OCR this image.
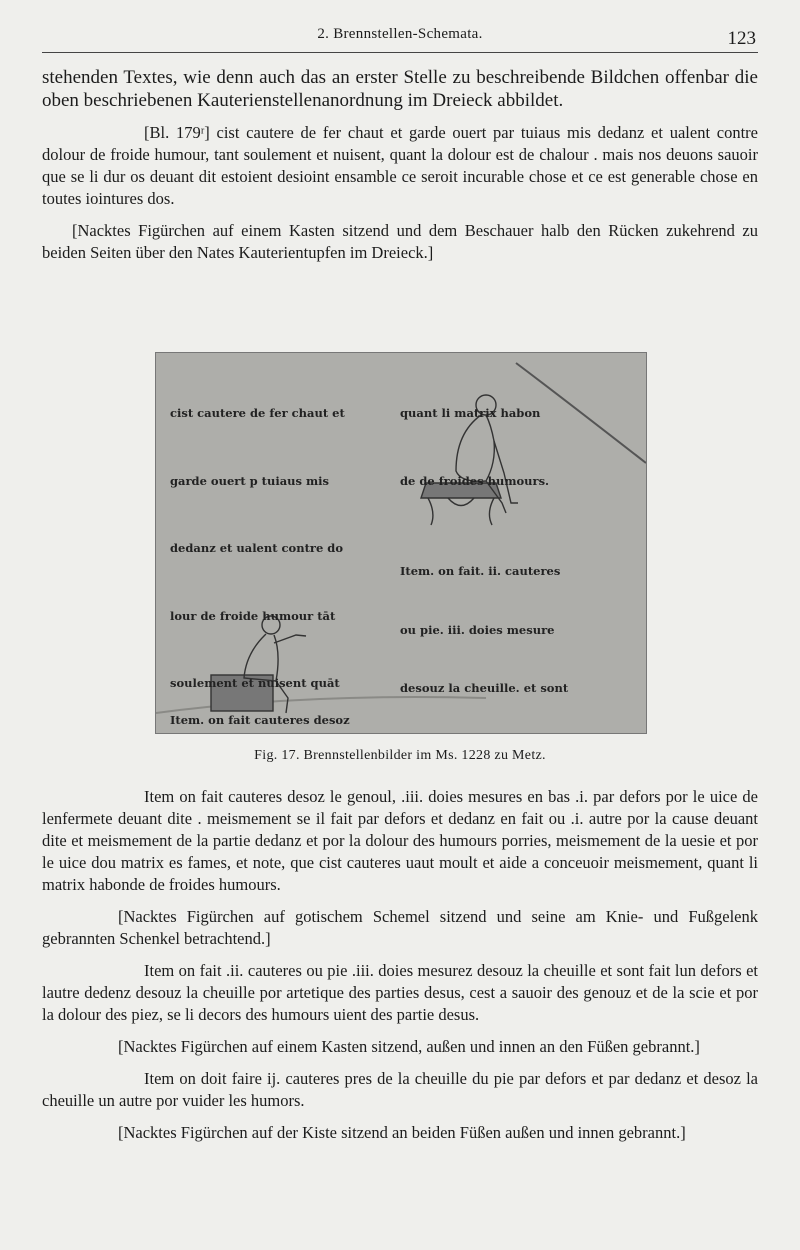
2. Brennstellen-Schemata.	123

stehenden Textes, wie denn auch das an erster Stelle zu beschreibende Bildchen offenbar die oben beschriebenen Kauterienstellenanordnung im Dreieck abbildet.

[Bl. 179ʳ] cist cautere de fer chaut et garde ouert par tuiaus mis dedanz et ualent contre dolour de froide humour, tant soulement et nuisent, quant la dolour est de chalour . mais nos deuons sauoir que se li dur os deuant dit estoient desioint ensamble ce seroit incurable chose et ce est generable chose en toutes iointures dos.

[Nacktes Figürchen auf einem Kasten sitzend und dem Beschauer halb den Rücken zukehrend zu beiden Seiten über den Nates Kauterientupfen im Dreieck.]

cist cautere de fer chaut et

garde ouert p tuiaus mis

dedanz et ualent contre do

lour de froide humour tāt

soulement et nuisent quāt

Item. on fait cauteres desoz

quant li matrix habon

de de froides humours.

Item. on fait. ii. cauteres

ou pie. iii. doies mesure

desouz la cheuille. et sont

Fig. 17. Brennstellenbilder im Ms. 1228 zu Metz.

Item on fait cauteres desoz le genoul, .iii. doies mesures en bas .i. par defors por le uice de lenfermete deuant dite . meismement se il fait par defors et dedanz en fait ou .i. autre por la cause deuant dite et meismement de la partie dedanz et por la dolour des humours porries, meismement de la uesie et por le uice dou matrix es fames, et note, que cist cauteres uaut moult et aide a conceuoir meismement, quant li matrix habonde de froides humours.

[Nacktes Figürchen auf gotischem Schemel sitzend und seine am Knie- und Fußgelenk gebrannten Schenkel betrachtend.]

Item on fait .ii. cauteres ou pie .iii. doies mesurez desouz la cheuille et sont fait lun defors et lautre dedenz desouz la cheuille por artetique des parties desus, cest a sauoir des genouz et de la scie et por la dolour des piez, se li decors des humours uient des partie desus.

[Nacktes Figürchen auf einem Kasten sitzend, außen und innen an den Füßen gebrannt.]

Item on doit faire ij. cauteres pres de la cheuille du pie par defors et par dedanz et desoz la cheuille un autre por vuider les humors.

[Nacktes Figürchen auf der Kiste sitzend an beiden Füßen außen und innen gebrannt.]
